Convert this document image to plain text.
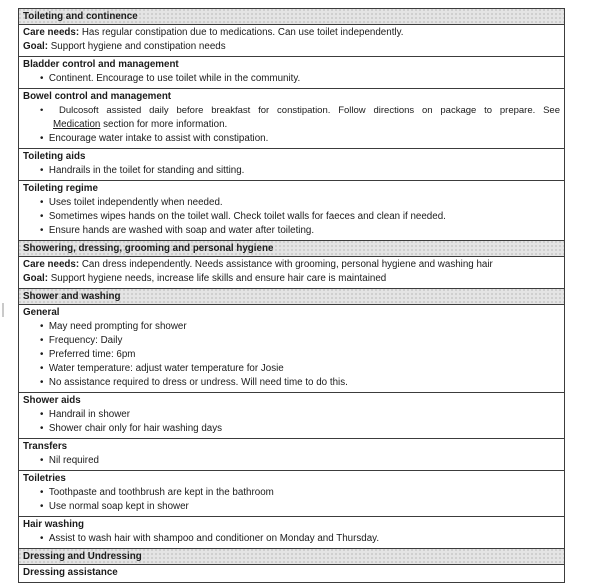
Toileting and continence
Care needs: Has regular constipation due to medications. Can use toilet independently.
Goal: Support hygiene and constipation needs
Bladder control and management
•  Continent. Encourage to use toilet while in the community.
Bowel control and management
•  Dulcosoft assisted daily before breakfast for constipation. Follow directions on package to prepare. See
Medication section for more information.
•  Encourage water intake to assist with constipation.
Toileting aids
•  Handrails in the toilet for standing and sitting.
Toileting regime
•  Uses toilet independently when needed.
•  Sometimes wipes hands on the toilet wall. Check toilet walls for faeces and clean if needed.
•  Ensure hands are washed with soap and water after toileting.
Showering, dressing, grooming and personal hygiene
Care needs: Can dress independently. Needs assistance with grooming, personal hygiene and washing hair
Goal: Support hygiene needs, increase life skills and ensure hair care is maintained
Shower and washing
General
•  May need prompting for shower
•  Frequency: Daily
•  Preferred time: 6pm
•  Water temperature: adjust water temperature for Josie
•  No assistance required to dress or undress. Will need time to do this.
Shower aids
•  Handrail in shower
•  Shower chair only for hair washing days
Transfers
•  Nil required
Toiletries
•  Toothpaste and toothbrush are kept in the bathroom
•  Use normal soap kept in shower
Hair washing
•  Assist to wash hair with shampoo and conditioner on Monday and Thursday.
Dressing and Undressing
Dressing assistance
